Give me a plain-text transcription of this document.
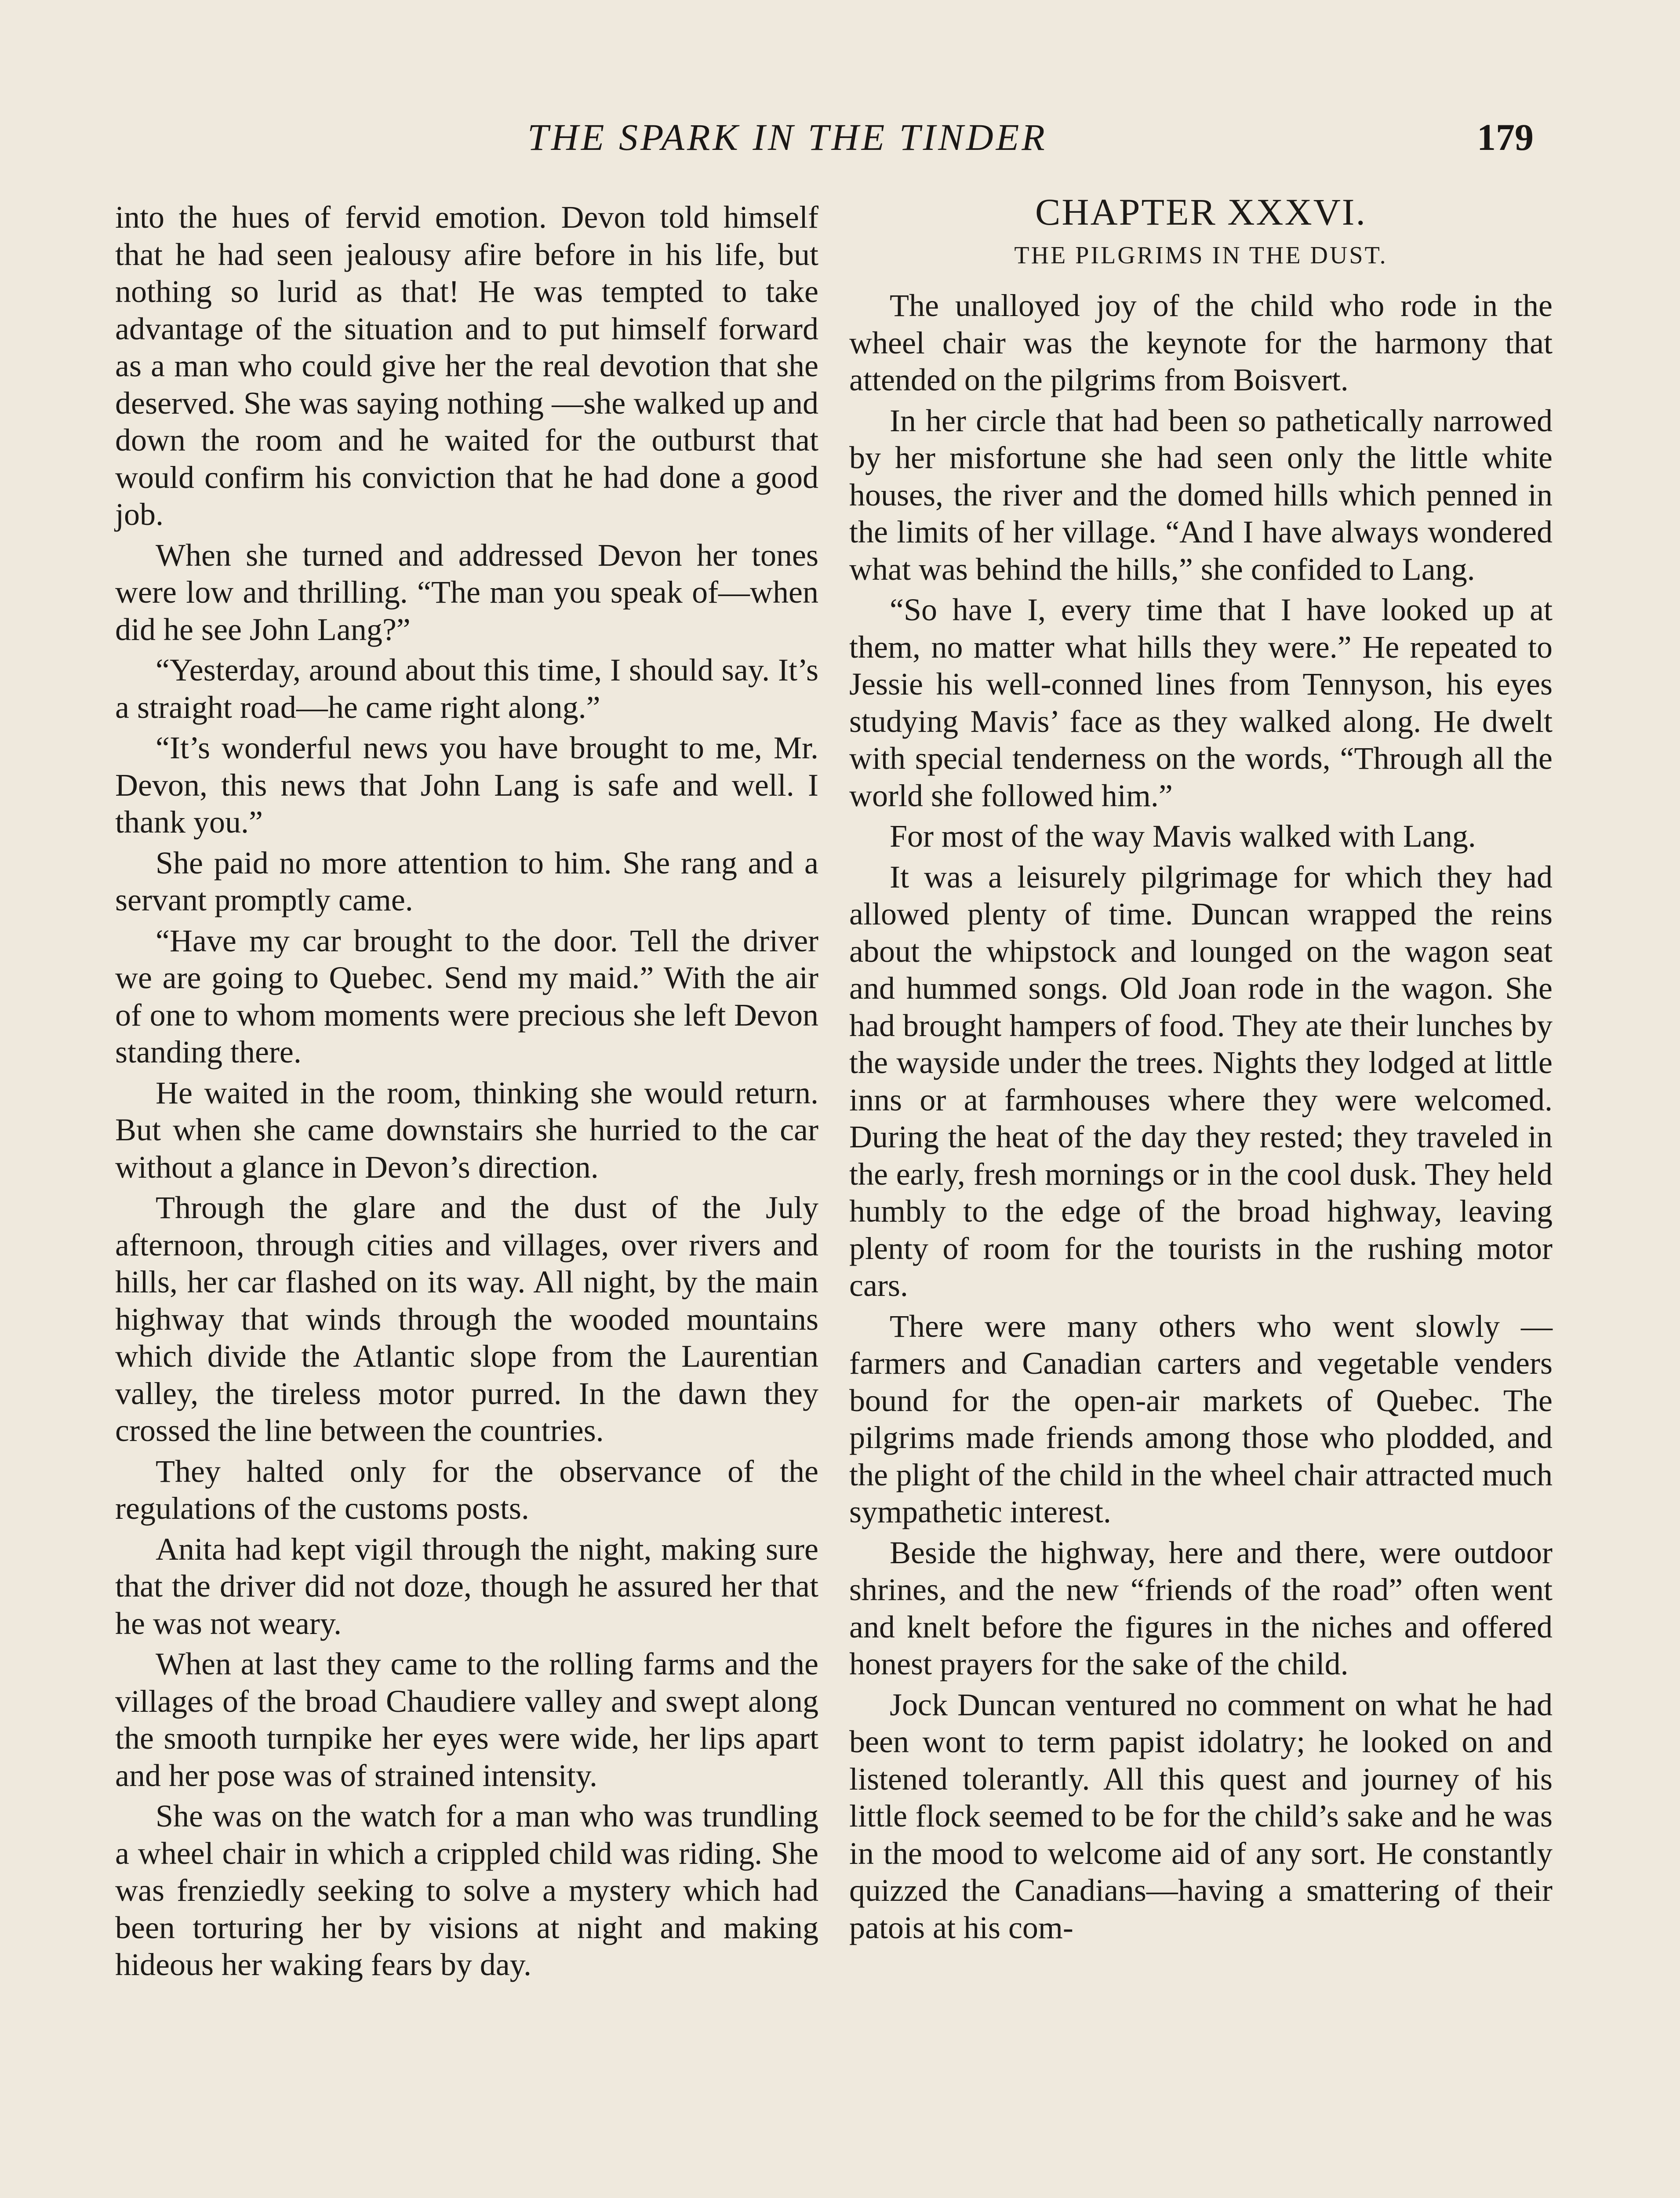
THE SPARK IN THE TINDER	179

into the hues of fervid emotion. Devon told himself that he had seen jealousy afire before in his life, but nothing so lurid as that! He was tempted to take advantage of the situation and to put himself forward as a man who could give her the real devotion that she deserved. She was saying nothing —she walked up and down the room and he waited for the outburst that would confirm his conviction that he had done a good job.

When she turned and addressed Devon her tones were low and thrilling. “The man you speak of—when did he see John Lang?”

“Yesterday, around about this time, I should say. It’s a straight road—he came right along.”

“It’s wonderful news you have brought to me, Mr. Devon, this news that John Lang is safe and well. I thank you.”

She paid no more attention to him. She rang and a servant promptly came.

“Have my car brought to the door. Tell the driver we are going to Quebec. Send my maid.” With the air of one to whom moments were precious she left Devon standing there.

He waited in the room, thinking she would return. But when she came downstairs she hurried to the car without a glance in Devon’s direction.

Through the glare and the dust of the July afternoon, through cities and villages, over rivers and hills, her car flashed on its way. All night, by the main highway that winds through the wooded mountains which divide the Atlantic slope from the Laurentian valley, the tireless motor purred. In the dawn they crossed the line between the countries.

They halted only for the observance of the regulations of the customs posts.

Anita had kept vigil through the night, making sure that the driver did not doze, though he assured her that he was not weary.

When at last they came to the rolling farms and the villages of the broad Chaudiere valley and swept along the smooth turnpike her eyes were wide, her lips apart and her pose was of strained intensity.

She was on the watch for a man who was trundling a wheel chair in which a crippled child was riding. She was frenziedly seeking to solve a mystery which had been torturing her by visions at night and making hideous her waking fears by day.

CHAPTER XXXVI.
THE PILGRIMS IN THE DUST.

The unalloyed joy of the child who rode in the wheel chair was the keynote for the harmony that attended on the pilgrims from Boisvert.

In her circle that had been so pathetically narrowed by her misfortune she had seen only the little white houses, the river and the domed hills which penned in the limits of her village. “And I have always wondered what was behind the hills,” she confided to Lang.

“So have I, every time that I have looked up at them, no matter what hills they were.” He repeated to Jessie his well-conned lines from Tennyson, his eyes studying Mavis’ face as they walked along. He dwelt with special tenderness on the words, “Through all the world she followed him.”

For most of the way Mavis walked with Lang.

It was a leisurely pilgrimage for which they had allowed plenty of time. Duncan wrapped the reins about the whipstock and lounged on the wagon seat and hummed songs. Old Joan rode in the wagon. She had brought hampers of food. They ate their lunches by the wayside under the trees. Nights they lodged at little inns or at farmhouses where they were welcomed. During the heat of the day they rested; they traveled in the early, fresh mornings or in the cool dusk. They held humbly to the edge of the broad highway, leaving plenty of room for the tourists in the rushing motor cars.

There were many others who went slowly —farmers and Canadian carters and vegetable venders bound for the open-air markets of Quebec. The pilgrims made friends among those who plodded, and the plight of the child in the wheel chair attracted much sympathetic interest.

Beside the highway, here and there, were outdoor shrines, and the new “friends of the road” often went and knelt before the figures in the niches and offered honest prayers for the sake of the child.

Jock Duncan ventured no comment on what he had been wont to term papist idolatry; he looked on and listened tolerantly. All this quest and journey of his little flock seemed to be for the child’s sake and he was in the mood to welcome aid of any sort. He constantly quizzed the Canadians—having a smattering of their patois at his com-
